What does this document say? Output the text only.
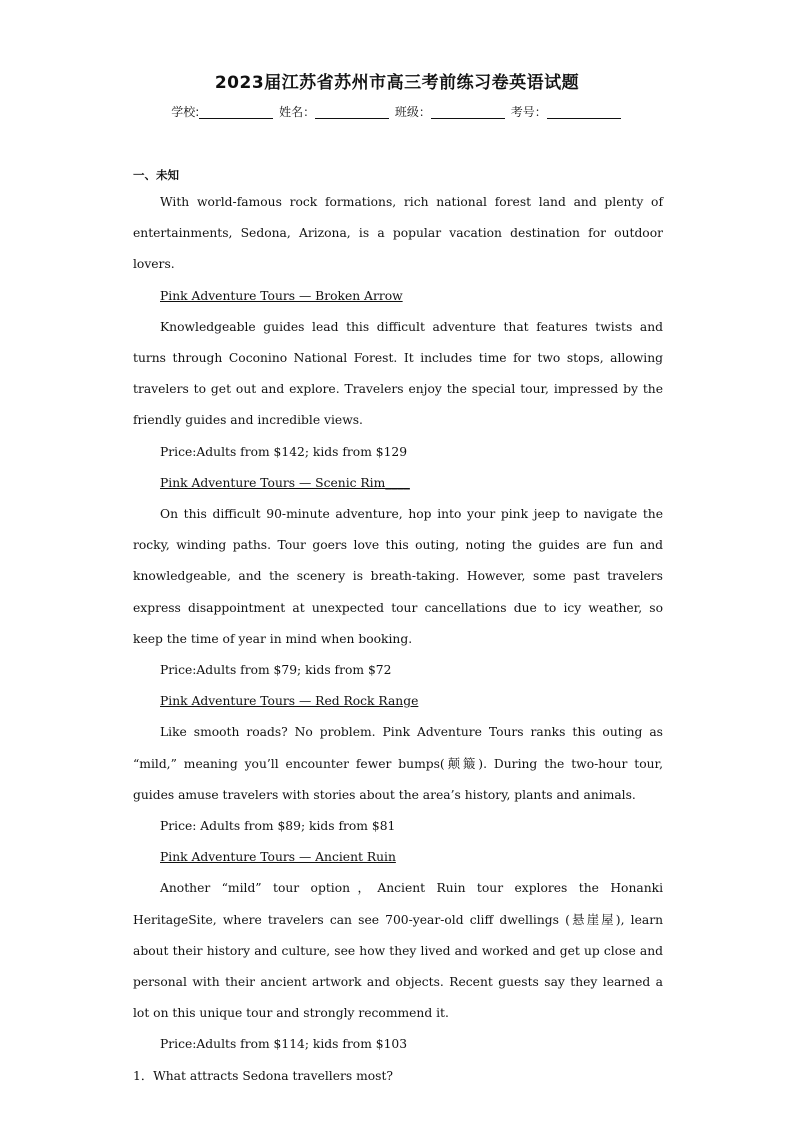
2023届江苏省苏州市高三考前练习卷英语试题
学校:	姓名：	班级：	考号：
一、未知

With world-famous rock formations, rich national forest land and plenty of entertainments, Sedona, Arizona, is a popular vacation destination for outdoor lovers.

Pink Adventure Tours — Broken Arrow

Knowledgeable guides lead this difficult adventure that features twists and turns through Coconino National Forest. It includes time for two stops, allowing travelers to get out and explore. Travelers enjoy the special tour, impressed by the friendly guides and incredible views.

Price:Adults from $142; kids from $129

Pink Adventure Tours — Scenic Rim____

On this difficult 90-minute adventure, hop into your pink jeep to navigate the rocky, winding paths. Tour goers love this outing, noting the guides are fun and knowledgeable, and the scenery is breath-taking. However, some past travelers express disappointment at unexpected tour cancellations due to icy weather, so keep the time of year in mind when booking.

Price:Adults from $79; kids from $72

Pink Adventure Tours — Red Rock Range

Like smooth roads? No problem. Pink Adventure Tours ranks this outing as “mild,” meaning you’ll encounter fewer bumps(颠簸). During the two-hour tour, guides amuse travelers with stories about the area’s history, plants and animals.

Price: Adults from $89; kids from $81

Pink Adventure Tours — Ancient Ruin

Another “mild” tour option，Ancient Ruin tour explores the Honanki HeritageSite, where travelers can see 700-year-old cliff dwellings (悬崖屋), learn about their history and culture, see how they lived and worked and get up close and personal with their ancient artwork and objects. Recent guests say they learned a lot on this unique tour and strongly recommend it.

Price:Adults from $114; kids from $103

1．What attracts Sedona travellers most?
